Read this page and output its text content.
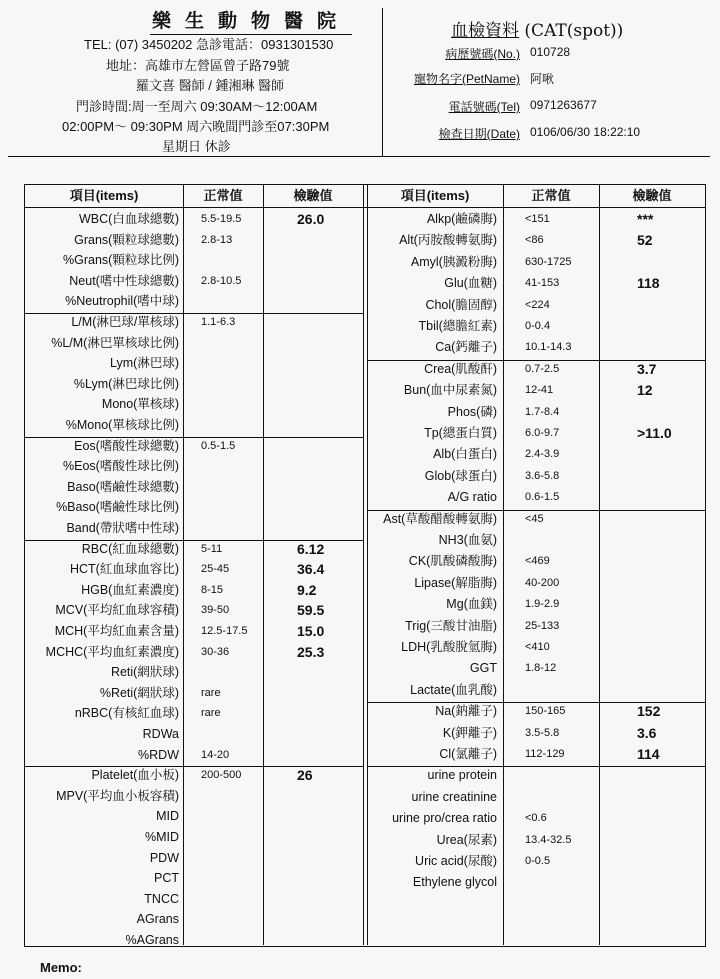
樂生動物醫院
TEL: (07) 3450202 急診電話：0931301530
地址：高雄市左營區曾子路79號
羅文喜 醫師 / 鍾湘琳 醫師
門診時間:周一至周六 09:30AM～12:00AM
02:00PM～ 09:30PM 周六晚間門診至07:30PM
星期日 休診
血檢資料 (CAT(spot))
病歷號碼(No.) 010728
寵物名字(PetName) 阿啾
電話號碼(Tel) 0971263677
檢查日期(Date) 0106/06/30 18:22:10
項目(items)	正常值	檢驗值	項目(items)	正常值	檢驗值
WBC(白血球總數) 5.5-19.5	26.0
Grans(顆粒球總數) 2.8-13
%Grans(顆粒球比例)
Neut(嗜中性球總數) 2.8-10.5
%Neutrophil(嗜中球)
L/M(淋巴球/單核球) 1.1-6.3
%L/M(淋巴單核球比例)
Lym(淋巴球)
%Lym(淋巴球比例)
Mono(單核球)
%Mono(單核球比例)
Eos(嗜酸性球總數) 0.5-1.5
%Eos(嗜酸性球比例)
Baso(嗜鹼性球總數)
%Baso(嗜鹼性球比例)
Band(帶狀嗜中性球)
RBC(紅血球總數) 5-11	6.12
HCT(紅血球血容比) 25-45	36.4
HGB(血紅素濃度) 8-15	9.2
MCV(平均紅血球容積) 39-50	59.5
MCH(平均紅血素含量) 12.5-17.5	15.0
MCHC(平均血紅素濃度) 30-36	25.3
Reti(網狀球)
%Reti(網狀球) rare
nRBC(有核紅血球) rare
RDWa
%RDW 14-20
Platelet(血小板) 200-500	26
MPV(平均血小板容積)
MID
%MID
PDW
PCT
TNCC
AGrans
%AGrans
Alkp(鹼磷脢)	<151	***
Alt(丙胺酸轉氨脢)	<86	52
Amyl(胰澱粉脢)	630-1725
Glu(血糖)	41-153	118
Chol(膽固醇)	<224
Tbil(總膽紅素)	0-0.4
Ca(鈣離子)	10.1-14.3
Crea(肌酸酐)	0.7-2.5	3.7
Bun(血中尿素氮)	12-41	12
Phos(磷)	1.7-8.4
Tp(總蛋白質)	6.0-9.7	>11.0
Alb(白蛋白)	2.4-3.9
Glob(球蛋白)	3.6-5.8
A/G ratio	0.6-1.5
Ast(草酸醋酸轉氨脢)	<45
NH3(血氨)
CK(肌酸磷酸脢)	<469
Lipase(解脂脢)	40-200
Mg(血鎂)	1.9-2.9
Trig(三酸甘油脂)	25-133
LDH(乳酸脫氫脢)	<410
GGT	1.8-12
Lactate(血乳酸)
Na(鈉離子)	150-165	152
K(鉀離子)	3.5-5.8	3.6
Cl(氯離子)	112-129	114
urine protein
urine creatinine
urine pro/crea ratio	<0.6
Urea(尿素)	13.4-32.5
Uric acid(尿酸)	0-0.5
Ethylene glycol
Memo:
